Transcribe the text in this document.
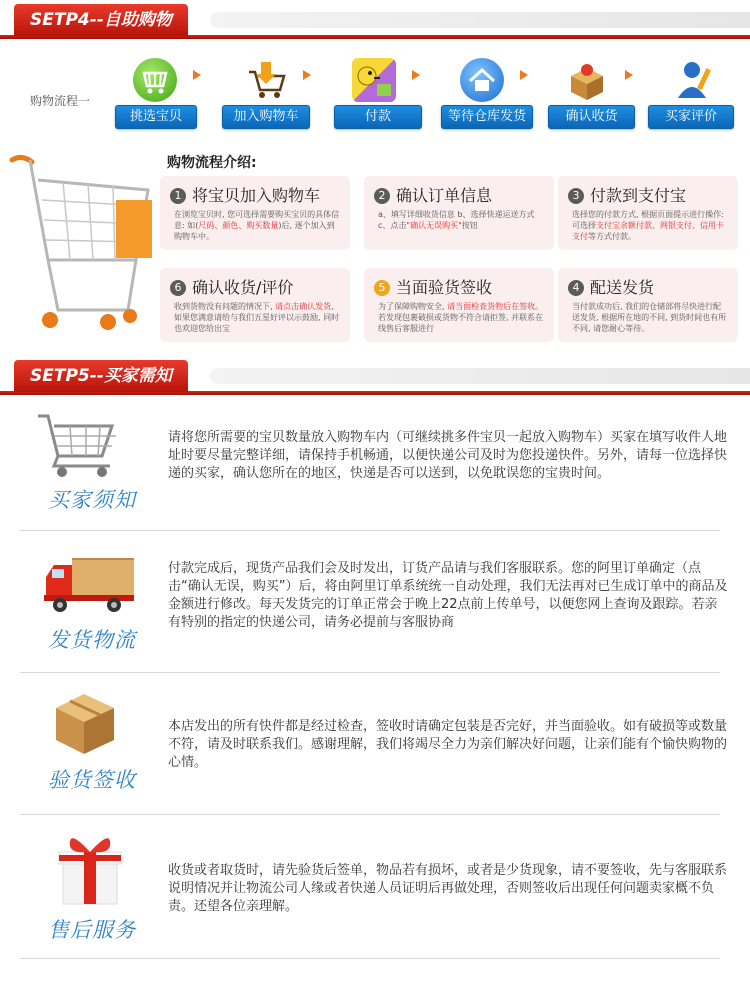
SETP4--自助购物
购物流程一
挑选宝贝	加入购物车	付款	等待仓库发货	确认收货	买家评价
购物流程介绍:
1 将宝贝加入购物车
在浏览宝贝时, 您可选择需要购买宝贝的具体信息: 如(尺码、颜色、购买数量)后, 逐个加入到购物车中。
2 确认订单信息
a、填写详细收货信息 b、选择快递运送方式 c、点击"确认无误购买"按钮
3 付款到支付宝
选择您的付款方式, 根据页面提示进行操作: 可选择支付宝余额付款、网银支付、信用卡支付等方式付款。
6 确认收货/评价
收到货物没有问题的情况下, 请点击确认发货, 如果您满意请给与我们五星好评以示鼓励, 同时也欢迎您给出宝
5 当面验货签收
为了保障购物安全, 请当面检查货物后在签收。若发现包裹破损或货物不符合请拒签, 并联系在线售后客服进行
4 配送发货
当付款成功后, 我们的仓储部将尽快进行配送发货, 根据所在地的不同, 到货时间也有所不同, 请您耐心等待。
SETP5--买家需知
买家须知
请将您所需要的宝贝数量放入购物车内（可继续挑多件宝贝一起放入购物车）买家在填写收件人地址时要尽量完整详细，请保持手机畅通，以便快递公司及时为您投递快件。另外，请每一位选择快递的买家，确认您所在的地区，快递是否可以送到，以免耽误您的宝贵时间。
发货物流
付款完成后，现货产品我们会及时发出，订货产品请与我们客服联系。您的阿里订单确定（点击“确认无误，购买”）后，将由阿里订单系统统一自动处理，我们无法再对已生成订单中的商品及金额进行修改。每天发货完的订单正常会于晚上22点前上传单号，以便您网上查询及跟踪。若亲有特别的指定的快递公司，请务必提前与客服协商
验货签收
本店发出的所有快件都是经过检查，签收时请确定包装是否完好，并当面验收。如有破损等或数量不符，请及时联系我们。感谢理解，我们将竭尽全力为亲们解决好问题，让亲们能有个愉快购物的心情。
售后服务
收货或者取货时，请先验货后签单，物品若有损坏，或者是少货现象，请不要签收，先与客服联系说明情况并让物流公司人缘或者快递人员证明后再做处理，否则签收后出现任何问题卖家概不负责。还望各位亲理解。
